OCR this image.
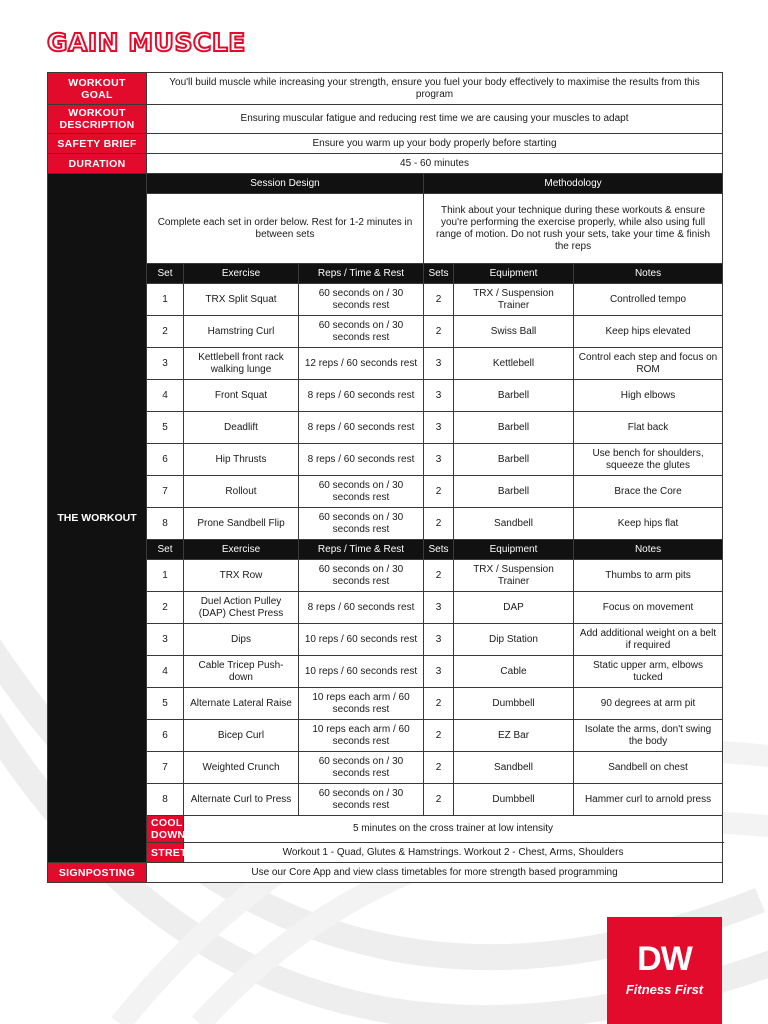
GAIN MUSCLE
WORKOUT GOAL	You'll build muscle while increasing your strength, ensure you fuel your body effectively to maximise the results from this program					
WORKOUT DESCRIPTION	Ensuring muscular fatigue and reducing rest time we are causing your muscles to adapt					
SAFETY BRIEF	Ensure you warm up your body properly before starting					
DURATION	45 - 60 minutes					
THE WORKOUT	Session Design			Methodology		
	Complete each set in order below. Rest for 1-2 minutes in between sets			Think about your technique during these workouts & ensure you're performing the exercise properly, while also using full range of motion. Do not rush your sets, take your time & finish the reps		
	Set	Exercise	Reps / Time & Rest	Sets	Equipment	Notes
	1	TRX Split Squat	60 seconds on / 30 seconds rest	2	TRX / Suspension Trainer	Controlled tempo
	2	Hamstring Curl	60 seconds on / 30 seconds rest	2	Swiss Ball	Keep hips elevated
	3	Kettlebell front rack walking lunge	12 reps / 60 seconds rest	3	Kettlebell	Control each step and focus on ROM
	4	Front Squat	8 reps / 60 seconds rest	3	Barbell	High elbows
	5	Deadlift	8 reps / 60 seconds rest	3	Barbell	Flat back
	6	Hip Thrusts	8 reps / 60 seconds rest	3	Barbell	Use bench for shoulders, squeeze the glutes
	7	Rollout	60 seconds on / 30 seconds rest	2	Barbell	Brace the Core
	8	Prone Sandbell Flip	60 seconds on / 30 seconds rest	2	Sandbell	Keep hips flat
	Set	Exercise	Reps / Time & Rest	Sets	Equipment	Notes
	1	TRX Row	60 seconds on / 30 seconds rest	2	TRX / Suspension Trainer	Thumbs to arm pits
	2	Duel Action Pulley (DAP) Chest Press	8 reps / 60 seconds rest	3	DAP	Focus on movement
	3	Dips	10 reps / 60 seconds rest	3	Dip Station	Add additional weight on a belt if required
	4	Cable Tricep Push-down	10 reps / 60 seconds rest	3	Cable	Static upper arm, elbows tucked
	5	Alternate Lateral Raise	10 reps each arm / 60 seconds rest	2	Dumbbell	90 degrees at arm pit
	6	Bicep Curl	10 reps each arm / 60 seconds rest	2	EZ Bar	Isolate the arms, don't swing the body
	7	Weighted Crunch	60 seconds on / 30 seconds rest	2	Sandbell	Sandbell on chest
	8	Alternate Curl to Press	60 seconds on / 30 seconds rest	2	Dumbbell	Hammer curl to arnold press
	COOL DOWN	5 minutes on the cross trainer at low intensity				
	STRETCH	Workout 1 - Quad, Glutes & Hamstrings. Workout 2 - Chest, Arms, Shoulders				
SIGNPOSTING	Use our Core App and view class timetables for more strength based programming					
DW
Fitness First
